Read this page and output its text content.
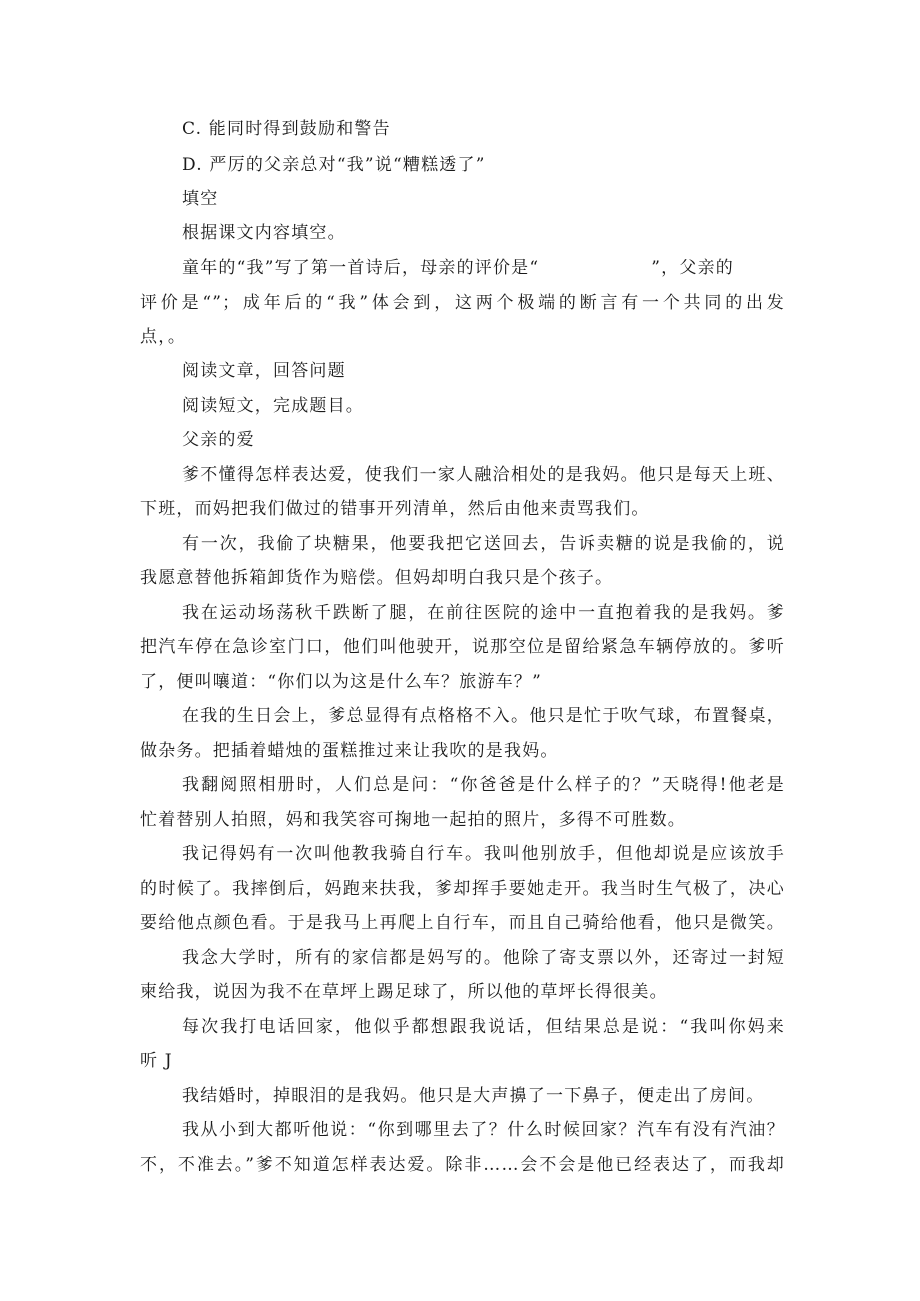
C. 能同时得到鼓励和警告
D. 严厉的父亲总对“我”说“糟糕透了”
填空
根据课文内容填空。
童年的“我”写了第一首诗后，母亲的评价是“	”，父亲的
评价是“”；成年后的“我”体会到，这两个极端的断言有一个共同的出发
点，。
阅读文章，回答问题
阅读短文，完成题目。
父亲的爱
爹不懂得怎样表达爱，使我们一家人融洽相处的是我妈。他只是每天上班、
下班，而妈把我们做过的错事开列清单，然后由他来责骂我们。
有一次，我偷了块糖果，他要我把它送回去，告诉卖糖的说是我偷的，说
我愿意替他拆箱卸货作为赔偿。但妈却明白我只是个孩子。
我在运动场荡秋千跌断了腿，在前往医院的途中一直抱着我的是我妈。爹
把汽车停在急诊室门口，他们叫他驶开，说那空位是留给紧急车辆停放的。爹听
了，便叫嚷道：“你们以为这是什么车？旅游车？”
在我的生日会上，爹总显得有点格格不入。他只是忙于吹气球，布置餐桌，
做杂务。把插着蜡烛的蛋糕推过来让我吹的是我妈。
我翻阅照相册时，人们总是问：“你爸爸是什么样子的？”天晓得!他老是
忙着替别人拍照，妈和我笑容可掬地一起拍的照片，多得不可胜数。
我记得妈有一次叫他教我骑自行车。我叫他别放手，但他却说是应该放手
的时候了。我摔倒后，妈跑来扶我，爹却挥手要她走开。我当时生气极了，决心
要给他点颜色看。于是我马上再爬上自行车，而且自己骑给他看，他只是微笑。
我念大学时，所有的家信都是妈写的。他除了寄支票以外，还寄过一封短
柬给我，说因为我不在草坪上踢足球了，所以他的草坪长得很美。
每次我打电话回家，他似乎都想跟我说话，但结果总是说：“我叫你妈来
听 J
我结婚时，掉眼泪的是我妈。他只是大声擤了一下鼻子，便走出了房间。
我从小到大都听他说：“你到哪里去了？什么时候回家？汽车有没有汽油？
不，不准去。”爹不知道怎样表达爱。除非……会不会是他已经表达了，而我却
